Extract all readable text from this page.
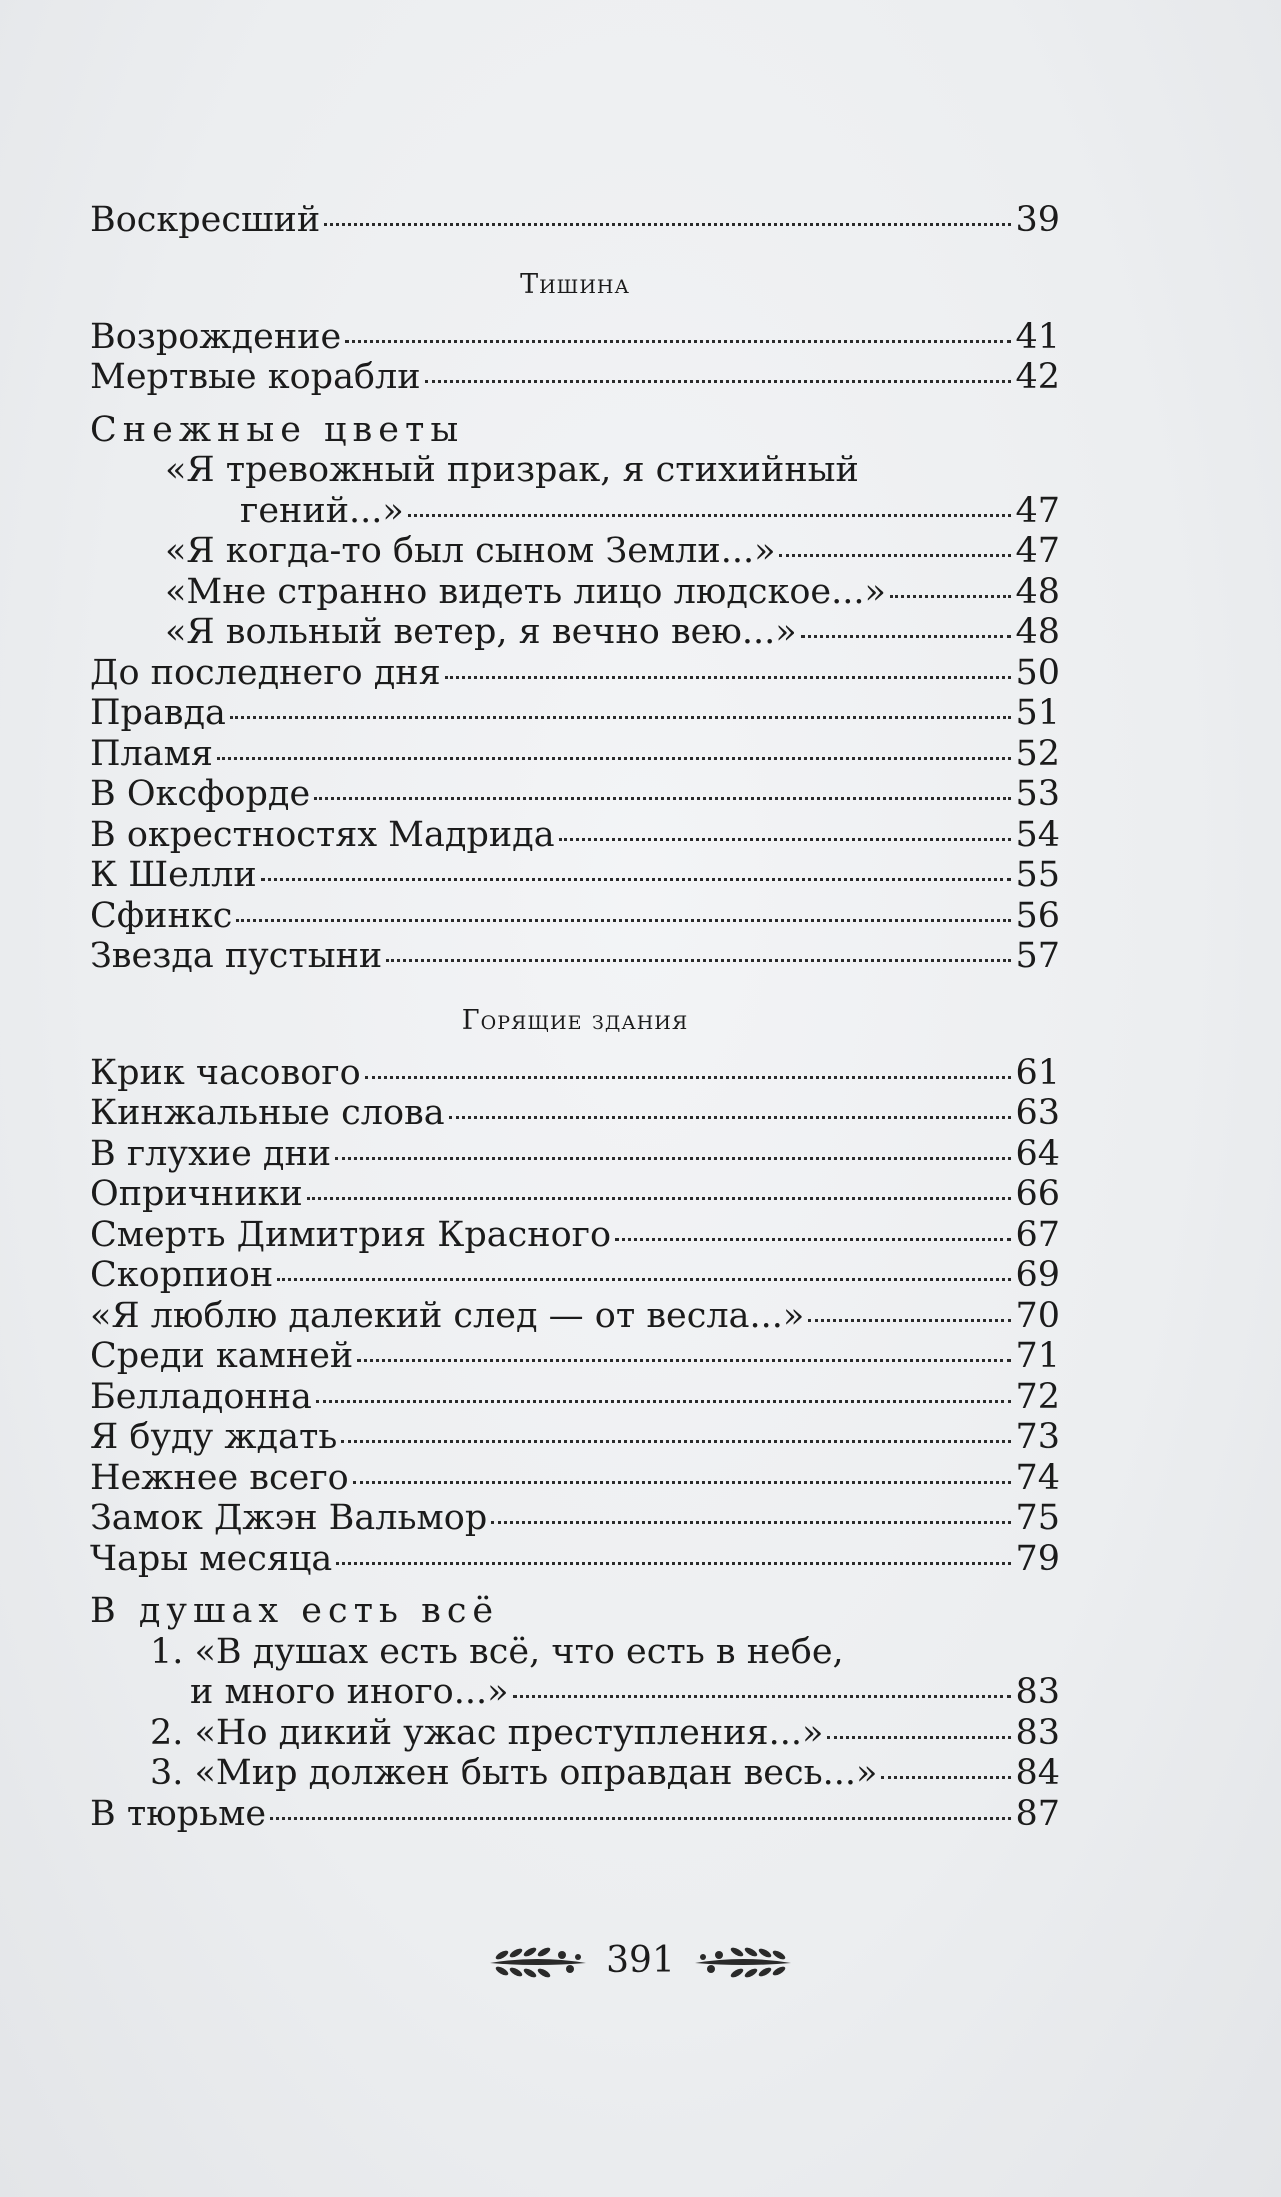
Воскресший	39
Тишина
Возрождение	41
Мертвые корабли	42
Снежные цветы
«Я тревожный призрак, я стихийный
гений...»	47
«Я когда-то был сыном Земли...»	47
«Мне странно видеть лицо людское...»	48
«Я вольный ветер, я вечно вею...»	48
До последнего дня	50
Правда	51
Пламя	52
В Оксфорде	53
В окрестностях Мадрида	54
К Шелли	55
Сфинкс	56
Звезда пустыни	57
Горящие здания
Крик часового	61
Кинжальные слова	63
В глухие дни	64
Опричники	66
Смерть Димитрия Красного	67
Скорпион	69
«Я люблю далекий след — от весла...»	70
Среди камней	71
Белладонна	72
Я буду ждать	73
Нежнее всего	74
Замок Джэн Вальмор	75
Чары месяца	79
В душах есть всё
1. «В душах есть всё, что есть в небе,
и много иного...»	83
2. «Но дикий ужас преступления...»	83
3. «Мир должен быть оправдан весь...»	84
В тюрьме	87
391
